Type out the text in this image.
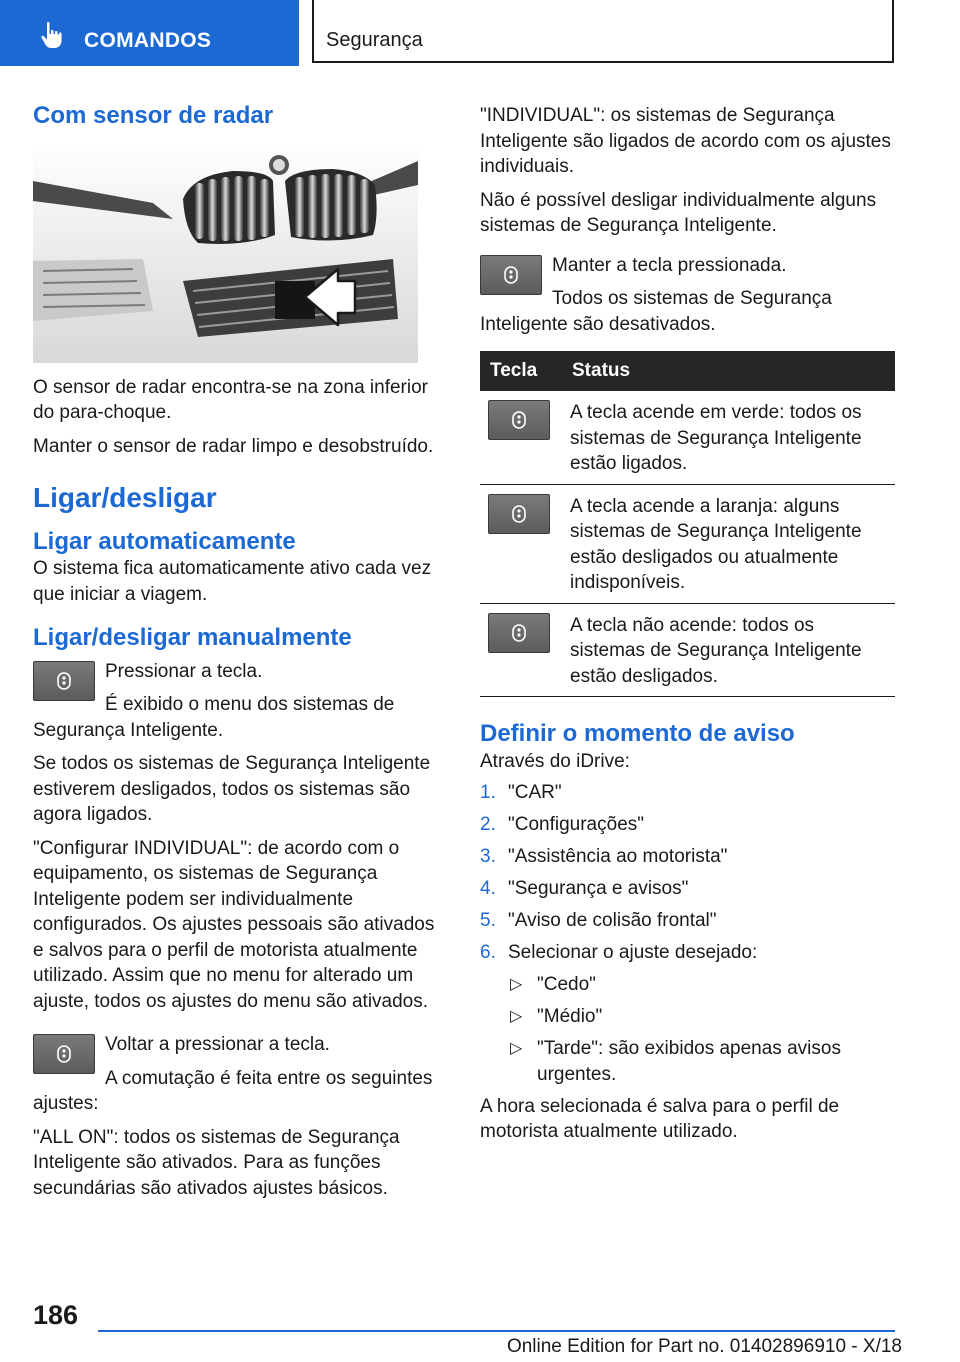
COMANDOS	Segurança
Com sensor de radar

O sensor de radar encontra-se na zona inferior do para-choque.

Manter o sensor de radar limpo e desobstruído.

Ligar/desligar
Ligar automaticamente

O sistema fica automaticamente ativo cada vez que iniciar a viagem.

Ligar/desligar manualmente

Pressionar a tecla.

É exibido o menu dos sistemas de Segurança Inteligente.

Se todos os sistemas de Segurança Inteligente estiverem desligados, todos os sistemas são agora ligados.

"Configurar INDIVIDUAL": de acordo com o equipamento, os sistemas de Segurança Inteligente podem ser individualmente configurados. Os ajustes pessoais são ativados e salvos para o perfil de motorista atualmente utilizado. Assim que no menu for alterado um ajuste, todos os ajustes do menu são ativados.

Voltar a pressionar a tecla.

A comutação é feita entre os seguintes ajustes:

"ALL ON": todos os sistemas de Segurança Inteligente são ativados. Para as funções secundárias são ativados ajustes básicos.

"INDIVIDUAL": os sistemas de Segurança Inteligente são ligados de acordo com os ajustes individuais.

Não é possível desligar individualmente alguns sistemas de Segurança Inteligente.

Manter a tecla pressionada.

Todos os sistemas de Segurança Inteligente são desativados.

Tecla	Status

	A tecla acende em verde: todos os sistemas de Segurança Inteligente estão ligados.

	A tecla acende a laranja: alguns sistemas de Segurança Inteligente estão desligados ou atualmente indisponíveis.

	A tecla não acende: todos os sistemas de Segurança Inteligente estão desligados.
Definir o momento de aviso

Através do iDrive:

1. "CAR"
2. "Configurações"
3. "Assistência ao motorista"
4. "Segurança e avisos"
5. "Aviso de colisão frontal"
6. Selecionar o ajuste desejado:
▷ "Cedo"
▷ "Médio"
▷ "Tarde": são exibidos apenas avisos urgentes.

A hora selecionada é salva para o perfil de motorista atualmente utilizado.

186
Online Edition for Part no. 01402896910 - X/18
